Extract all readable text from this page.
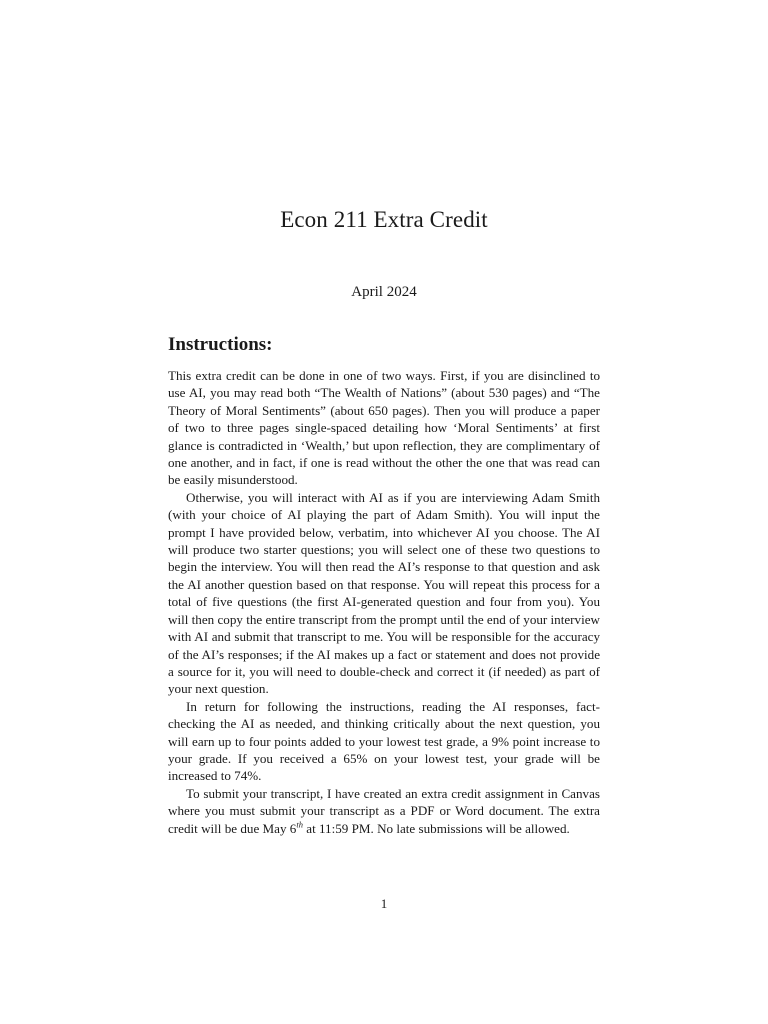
Econ 211 Extra Credit
April 2024
Instructions:

This extra credit can be done in one of two ways. First, if you are disinclined to use AI, you may read both “The Wealth of Nations” (about 530 pages) and “The Theory of Moral Sentiments” (about 650 pages). Then you will produce a paper of two to three pages single-spaced detailing how ‘Moral Sentiments’ at first glance is contradicted in ‘Wealth,’ but upon reflection, they are complimentary of one another, and in fact, if one is read without the other the one that was read can be easily misunderstood.

Otherwise, you will interact with AI as if you are interviewing Adam Smith (with your choice of AI playing the part of Adam Smith). You will input the prompt I have provided below, verbatim, into whichever AI you choose. The AI will produce two starter questions; you will select one of these two questions to begin the interview. You will then read the AI’s response to that question and ask the AI another question based on that response. You will repeat this process for a total of five questions (the first AI-generated question and four from you). You will then copy the entire transcript from the prompt until the end of your interview with AI and submit that transcript to me. You will be responsible for the accuracy of the AI’s responses; if the AI makes up a fact or statement and does not provide a source for it, you will need to double-check and correct it (if needed) as part of your next question.

In return for following the instructions, reading the AI responses, fact-checking the AI as needed, and thinking critically about the next question, you will earn up to four points added to your lowest test grade, a 9% point increase to your grade. If you received a 65% on your lowest test, your grade will be increased to 74%.

To submit your transcript, I have created an extra credit assignment in Canvas where you must submit your transcript as a PDF or Word document. The extra credit will be due May 6th at 11:59 PM. No late submissions will be allowed.

1
